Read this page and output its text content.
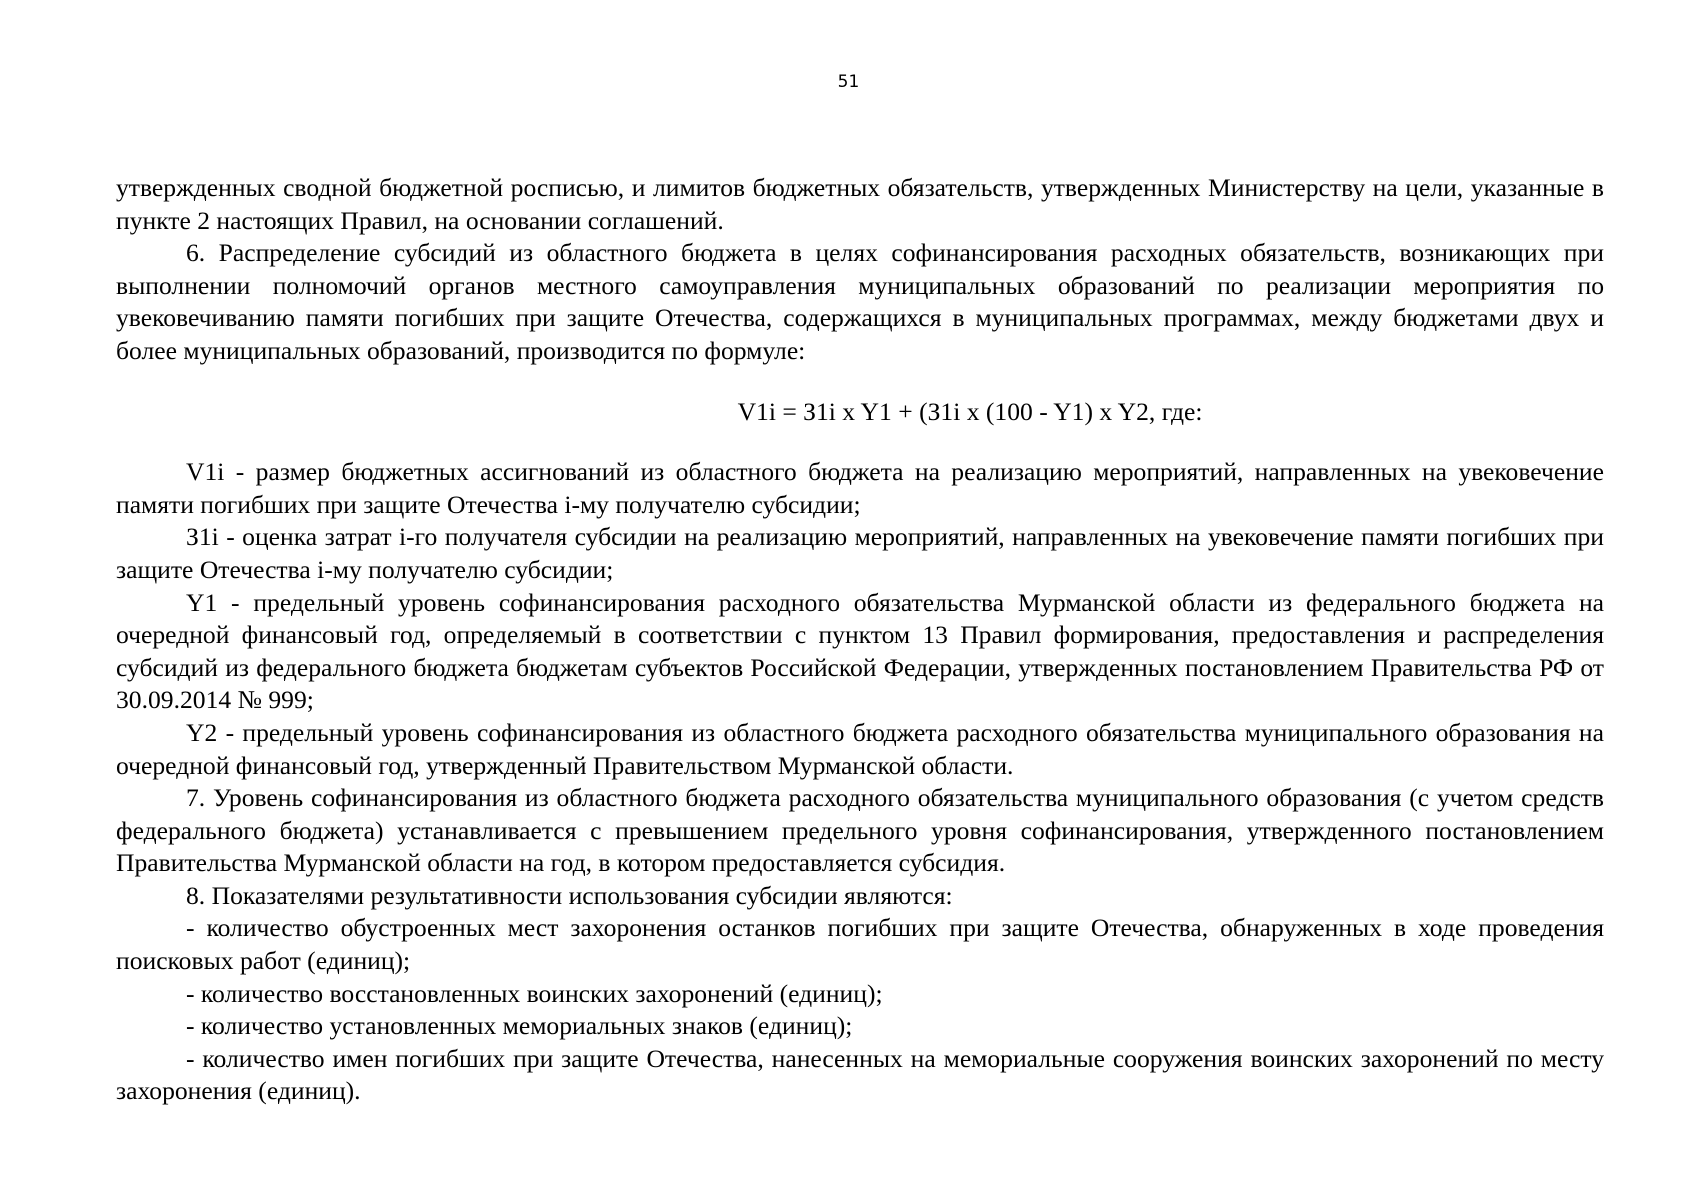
51

утвержденных сводной бюджетной росписью, и лимитов бюджетных обязательств, утвержденных Министерству на цели, указанные в пункте 2 настоящих Правил, на основании соглашений.

6. Распределение субсидий из областного бюджета в целях софинансирования расходных обязательств, возникающих при выполнении полномочий органов местного самоуправления муниципальных образований по реализации мероприятия по увековечиванию памяти погибших при защите Отечества, содержащихся в муниципальных программах, между бюджетами двух и более муниципальных образований, производится по формуле:

V1i = З1i x Y1 + (З1i x (100 - Y1) x Y2, где:

V1i - размер бюджетных ассигнований из областного бюджета на реализацию мероприятий, направленных на увековечение памяти погибших при защите Отечества i-му получателю субсидии;

З1i - оценка затрат i-го получателя субсидии на реализацию мероприятий, направленных на увековечение памяти погибших при защите Отечества i-му получателю субсидии;

Y1 - предельный уровень софинансирования расходного обязательства Мурманской области из федерального бюджета на очередной финансовый год, определяемый в соответствии с пунктом 13 Правил формирования, предоставления и распределения субсидий из федерального бюджета бюджетам субъектов Российской Федерации, утвержденных постановлением Правительства РФ от 30.09.2014 № 999;

Y2 - предельный уровень софинансирования из областного бюджета расходного обязательства муниципального образования на очередной финансовый год, утвержденный Правительством Мурманской области.

7. Уровень софинансирования из областного бюджета расходного обязательства муниципального образования (с учетом средств федерального бюджета) устанавливается с превышением предельного уровня софинансирования, утвержденного постановлением Правительства Мурманской области на год, в котором предоставляется субсидия.

8. Показателями результативности использования субсидии являются:

- количество обустроенных мест захоронения останков погибших при защите Отечества, обнаруженных в ходе проведения поисковых работ (единиц);

- количество восстановленных воинских захоронений (единиц);

- количество установленных мемориальных знаков (единиц);

- количество имен погибших при защите Отечества, нанесенных на мемориальные сооружения воинских захоронений по месту захоронения (единиц).
